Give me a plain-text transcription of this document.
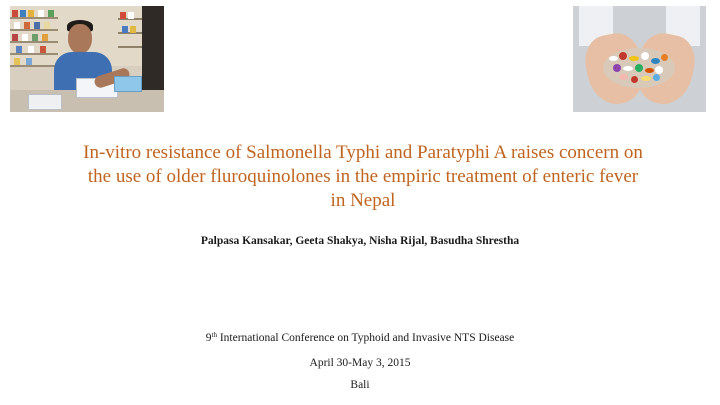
In-vitro resistance of Salmonella Typhi and Paratyphi A raises concern on the use of older fluroquinolones in the empiric treatment of enteric fever in Nepal

Palpasa Kansakar, Geeta Shakya, Nisha Rijal, Basudha Shrestha

9th International Conference on Typhoid and Invasive NTS Disease

April 30-May 3, 2015

Bali
